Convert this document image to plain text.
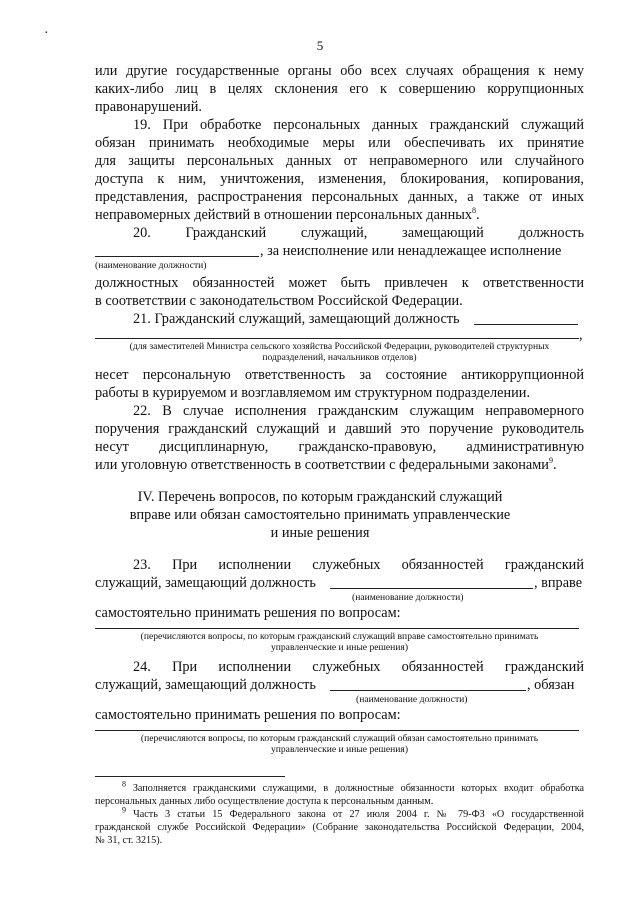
·
5
или другие государственные органы обо всех случаях обращения к нему
каких-либо лиц в целях склонения его к совершению коррупционных
правонарушений.
19. При обработке персональных данных гражданский служащий
обязан принимать необходимые меры или обеспечивать их принятие
для защиты персональных данных от неправомерного или случайного
доступа к ним, уничтожения, изменения, блокирования, копирования,
представления, распространения персональных данных, а также от иных
неправомерных действий в отношении персональных данных$^8$.
20. Гражданский служащий, замещающий должность
, за неисполнение или ненадлежащее исполнение
(наименование должности)
должностных обязанностей может быть привлечен к ответственности
в соответствии с законодательством Российской Федерации.
21. Гражданский служащий, замещающий должность
,
(для заместителей Министра сельского хозяйства Российской Федерации, руководителей структурных
подразделений, начальников отделов)
несет персональную ответственность за состояние антикоррупционной
работы в курируемом и возглавляемом им структурном подразделении.
22. В случае исполнения гражданским служащим неправомерного
поручения гражданский служащий и давший это поручение руководитель
несут дисциплинарную, гражданско-правовую, административную
или уголовную ответственность в соответствии с федеральными законами$^9$.
IV. Перечень вопросов, по которым гражданский служащий
вправе или обязан самостоятельно принимать управленческие
и иные решения
23. При исполнении служебных обязанностей гражданский
служащий, замещающий должность	, вправе
(наименование должности)
самостоятельно принимать решения по вопросам:
(перечисляются вопросы, по которым гражданский служащий вправе самостоятельно принимать
управленческие и иные решения)
24. При исполнении служебных обязанностей гражданский
служащий, замещающий должность	, обязан
(наименование должности)
самостоятельно принимать решения по вопросам:
(перечисляются вопросы, по которым гражданский служащий обязан самостоятельно принимать
управленческие и иные решения)
$^8$ Заполняется гражданскими служащими, в должностные обязанности которых входит обработка
персональных данных либо осуществление доступа к персональным данным.
$^9$ Часть 3 статьи 15 Федерального закона от 27 июля 2004 г. № 79-ФЗ «О государственной
гражданской службе Российской Федерации» (Собрание законодательства Российской Федерации, 2004,
№ 31, ст. 3215).
